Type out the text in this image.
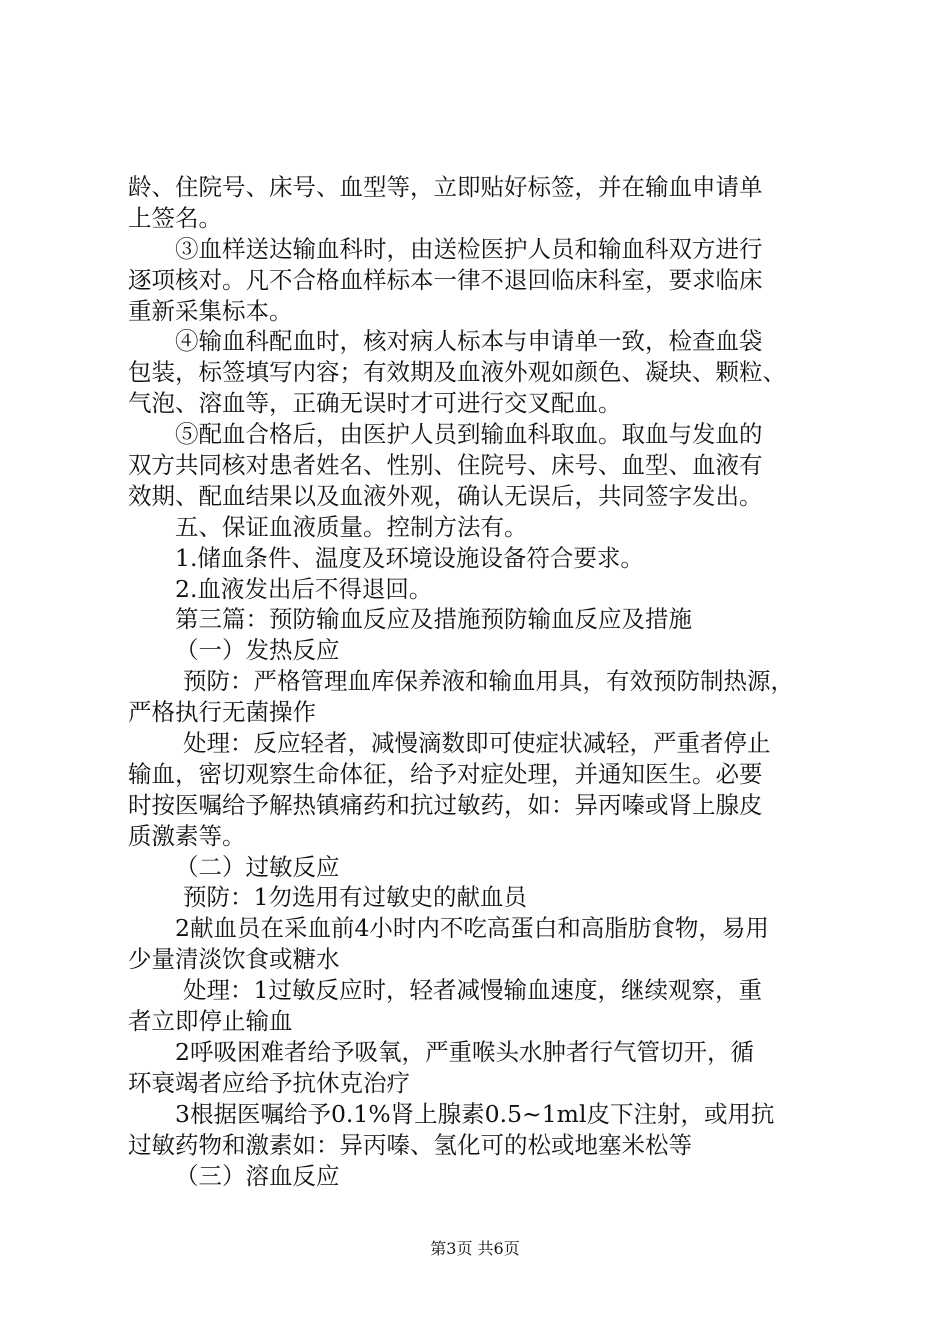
龄、住院号、床号、血型等，立即贴好标签，并在输血申请单
上签名。
③血样送达输血科时，由送检医护人员和输血科双方进行
逐项核对。凡不合格血样标本一律不退回临床科室，要求临床
重新采集标本。
④输血科配血时，核对病人标本与申请单一致，检查血袋
包装，标签填写内容；有效期及血液外观如颜色、凝块、颗粒、
气泡、溶血等，正确无误时才可进行交叉配血。
⑤配血合格后，由医护人员到输血科取血。取血与发血的
双方共同核对患者姓名、性别、住院号、床号、血型、血液有
效期、配血结果以及血液外观，确认无误后，共同签字发出。
五、保证血液质量。控制方法有。
1.储血条件、温度及环境设施设备符合要求。
2.血液发出后不得退回。
第三篇：预防输血反应及措施预防输血反应及措施
（一）发热反应
预防：严格管理血库保养液和输血用具，有效预防制热源，
严格执行无菌操作
处理：反应轻者，减慢滴数即可使症状减轻，严重者停止
输血，密切观察生命体征，给予对症处理，并通知医生。必要
时按医嘱给予解热镇痛药和抗过敏药，如：异丙嗪或肾上腺皮
质激素等。
（二）过敏反应
预防：1勿选用有过敏史的献血员
2献血员在采血前4小时内不吃高蛋白和高脂肪食物，易用
少量清淡饮食或糖水
处理：1过敏反应时，轻者减慢输血速度，继续观察，重
者立即停止输血
2呼吸困难者给予吸氧，严重喉头水肿者行气管切开，循
环衰竭者应给予抗休克治疗
3根据医嘱给予0.1%肾上腺素0.5~1ml皮下注射，或用抗
过敏药物和激素如：异丙嗪、氢化可的松或地塞米松等
（三）溶血反应
第3页 共6页
